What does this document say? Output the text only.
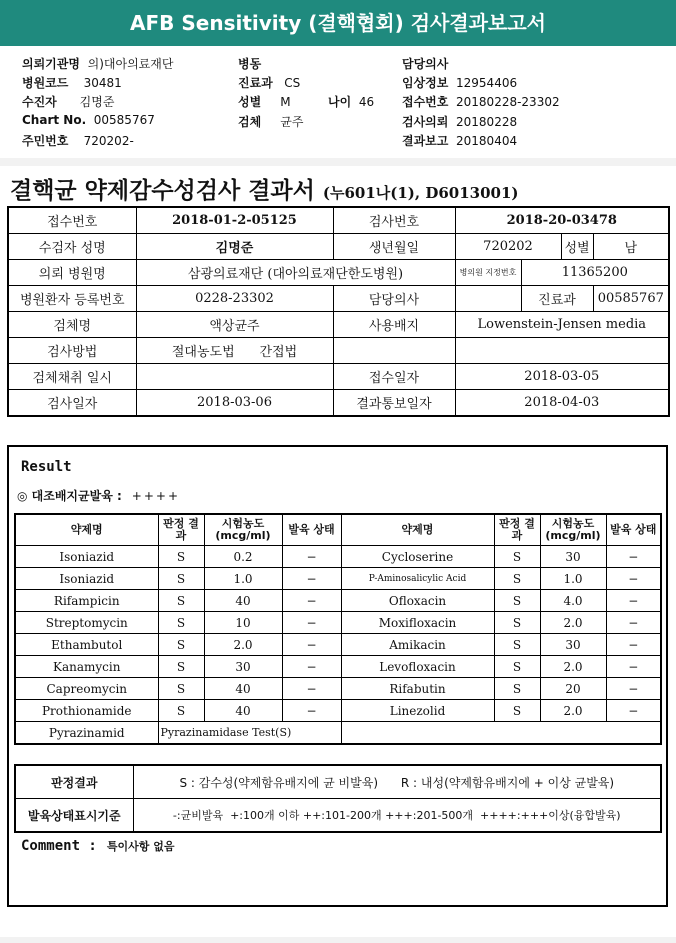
AFB Sensitivity (결핵협회) 검사결과보고서
의뢰기관명 의)대아의료재단
병원코드 30481
수진자 김명준
Chart No. 00585767
주민번호 720202-
병동
진료과 CS
성별 M	나이 46
검체 균주
담당의사
임상정보 12954406
접수번호 20180228-23302
검사의뢰 20180228
결과보고 20180404
결핵균 약제감수성검사 결과서 (누601나(1), D6013001)
접수번호	2018-01-2-05125	검사번호	2018-20-03478			
수검자 성명	김명준	생년월일	720202		성별	남
의뢰 병원명	삼광의료재단 (대아의료재단한도병원)		병의원 지정번호	11365200		
병원환자 등록번호	0228-23302	담당의사		진료과		00585767
검체명	액상균주	사용배지	Lowenstein-Jensen media			
검사방법	절대농도법 간접법					
검체채취 일시		접수일자	2018-03-05			
검사일자	2018-03-06	결과통보일자	2018-04-03			
Result
◎ 대조배지균발육 : ++++
약제명	판정 결과	시험농도 (mcg/ml)	발육 상태	약제명	판정 결과	시험농도 (mcg/ml)	발육 상태
Isoniazid	S	0.2	−	Cycloserine	S	30	−
Isoniazid	S	1.0	−	P-Aminosalicylic Acid	S	1.0	−
Rifampicin	S	40	−	Ofloxacin	S	4.0	−
Streptomycin	S	10	−	Moxifloxacin	S	2.0	−
Ethambutol	S	2.0	−	Amikacin	S	30	−
Kanamycin	S	30	−	Levofloxacin	S	2.0	−
Capreomycin	S	40	−	Rifabutin	S	20	−
Prothionamide	S	40	−	Linezolid	S	2.0	−
Pyrazinamid	Pyrazinamidase Test(S)						
판정결과	S : 감수성(약제함유배지에 균 비발육)      R : 내성(약제함유배지에 + 이상 균발육)
발육상태표시기준	-:균비발육  +:100개 이하 ++:101-200개 +++:201-500개  ++++:+++이상(융합발육)
Comment : 특이사항 없음
